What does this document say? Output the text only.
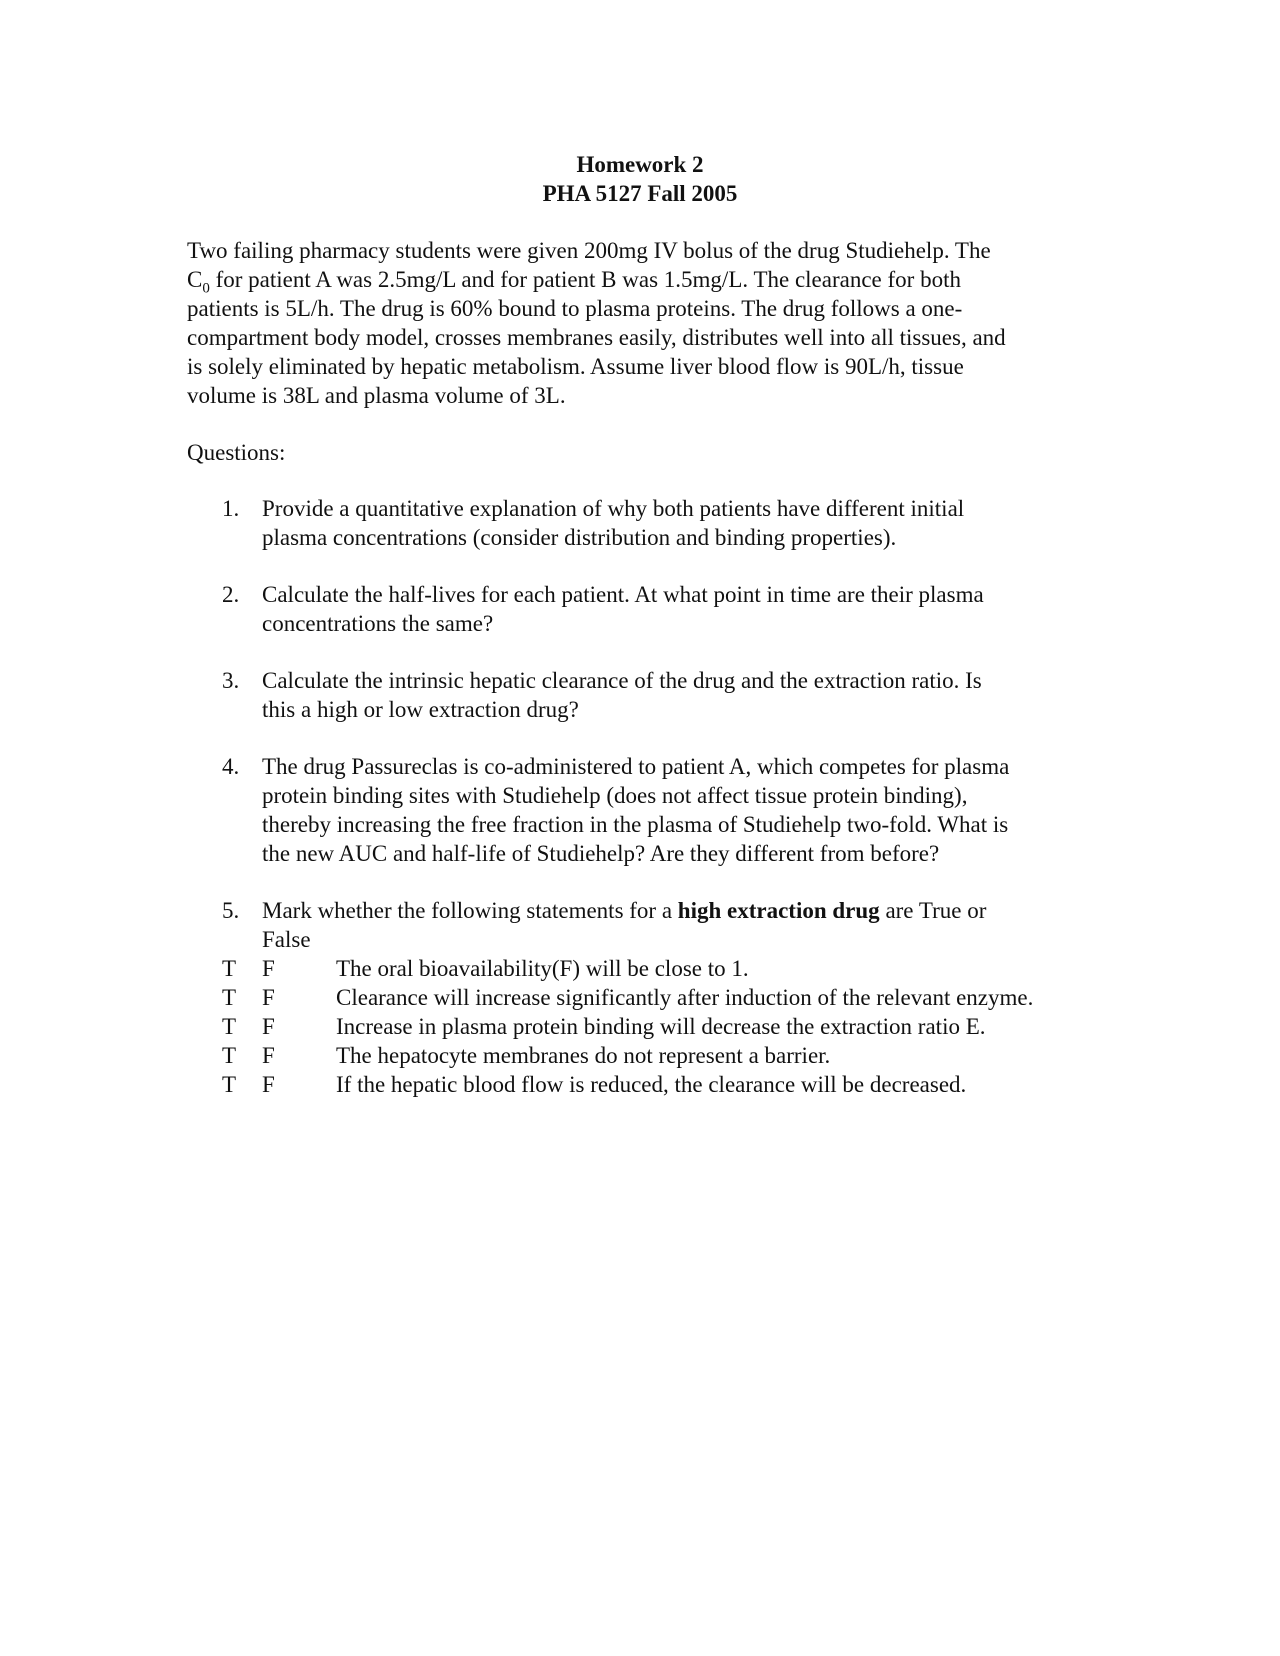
Homework 2
PHA 5127 Fall 2005
Two failing pharmacy students were given 200mg IV bolus of the drug Studiehelp. The
$C_0$ for patient A was 2.5mg/L and for patient B was 1.5mg/L. The clearance for both
patients is 5L/h. The drug is 60% bound to plasma proteins. The drug follows a one-
compartment body model, crosses membranes easily, distributes well into all tissues, and
is solely eliminated by hepatic metabolism. Assume liver blood flow is 90L/h, tissue
volume is 38L and plasma volume of 3L.
Questions:
1. Provide a quantitative explanation of why both patients have different initial
plasma concentrations (consider distribution and binding properties).
2. Calculate the half-lives for each patient. At what point in time are their plasma
concentrations the same?
3. Calculate the intrinsic hepatic clearance of the drug and the extraction ratio. Is
this a high or low extraction drug?
4. The drug Passureclas is co-administered to patient A, which competes for plasma
protein binding sites with Studiehelp (does not affect tissue protein binding),
thereby increasing the free fraction in the plasma of Studiehelp two-fold. What is
the new AUC and half-life of Studiehelp? Are they different from before?
5. Mark whether the following statements for a high extraction drug are True or
False
T F	The oral bioavailability(F) will be close to 1.
T F	Clearance will increase significantly after induction of the relevant enzyme.
T F	Increase in plasma protein binding will decrease the extraction ratio E.
T F	The hepatocyte membranes do not represent a barrier.
T F	If the hepatic blood flow is reduced, the clearance will be decreased.
